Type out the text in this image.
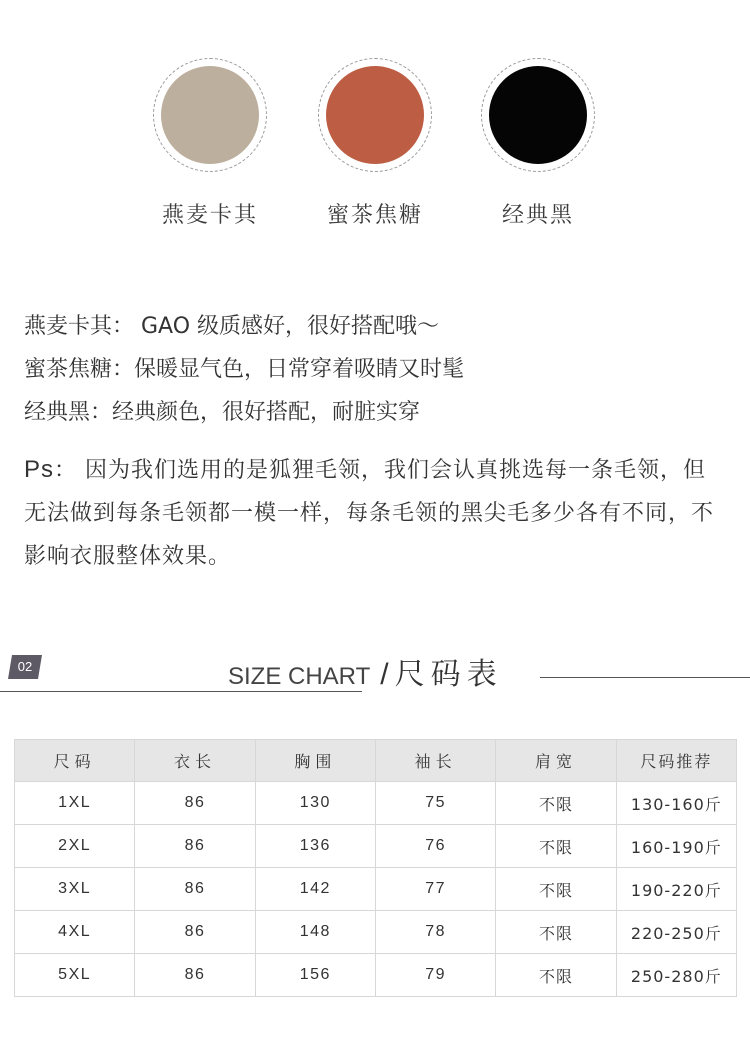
燕麦卡其	蜜茶焦糖	经典黑

燕麦卡其： GAO 级质感好，很好搭配哦～

蜜茶焦糖：保暖显气色，日常穿着吸睛又时髦

经典黑：经典颜色，很好搭配，耐脏实穿

Ps： 因为我们选用的是狐狸毛领，我们会认真挑选每一条毛领，但无法做到每条毛领都一模一样，每条毛领的黑尖毛多少各有不同，不影响衣服整体效果。
02	SIZE CHART / 尺码表
尺码	衣长	胸围	袖长	肩宽	尺码推荐
1XL	86	130	75	不限	130-160斤
2XL	86	136	76	不限	160-190斤
3XL	86	142	77	不限	190-220斤
4XL	86	148	78	不限	220-250斤
5XL	86	156	79	不限	250-280斤
